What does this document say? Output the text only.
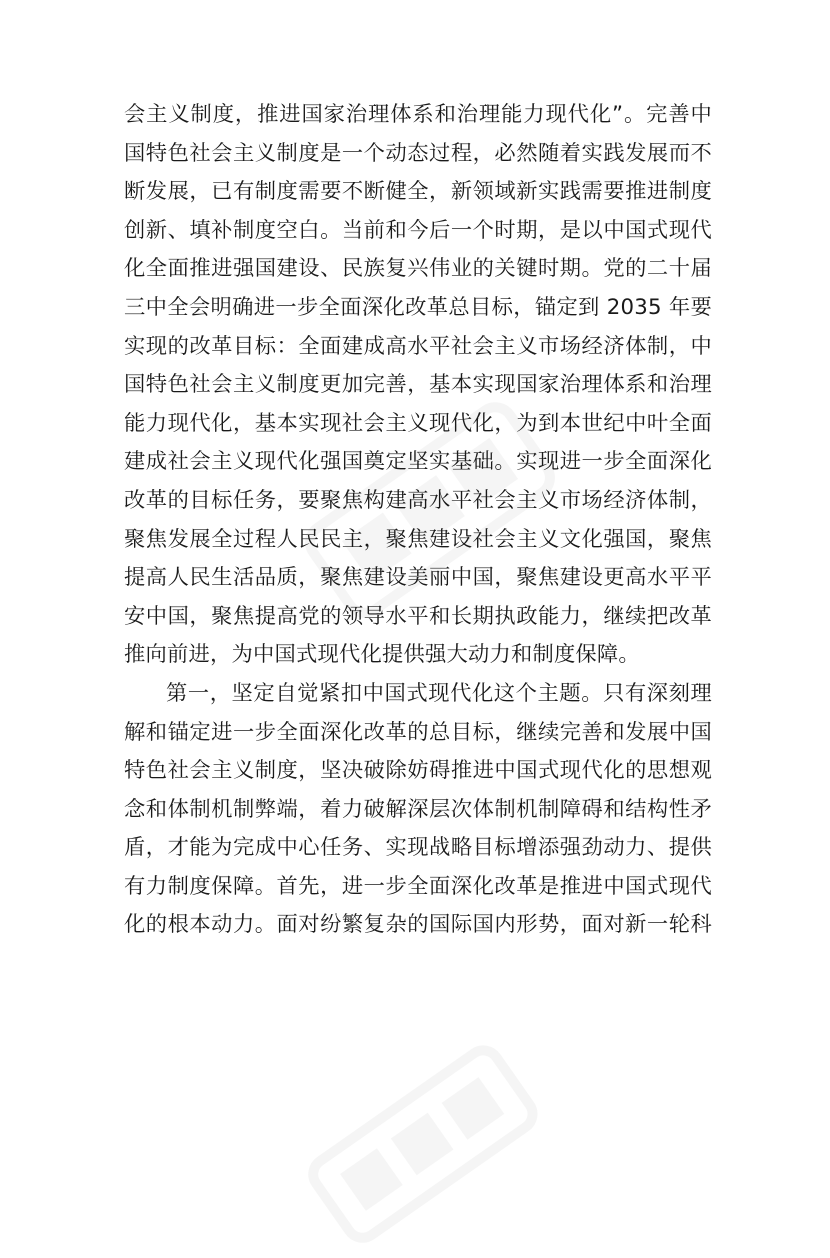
会主义制度，推进国家治理体系和治理能力现代化”。完善中
国特色社会主义制度是一个动态过程，必然随着实践发展而不
断发展，已有制度需要不断健全，新领域新实践需要推进制度
创新、填补制度空白。当前和今后一个时期，是以中国式现代
化全面推进强国建设、民族复兴伟业的关键时期。党的二十届
三中全会明确进一步全面深化改革总目标，锚定到 2035 年要
实现的改革目标：全面建成高水平社会主义市场经济体制，中
国特色社会主义制度更加完善，基本实现国家治理体系和治理
能力现代化，基本实现社会主义现代化，为到本世纪中叶全面
建成社会主义现代化强国奠定坚实基础。实现进一步全面深化
改革的目标任务，要聚焦构建高水平社会主义市场经济体制，
聚焦发展全过程人民民主，聚焦建设社会主义文化强国，聚焦
提高人民生活品质，聚焦建设美丽中国，聚焦建设更高水平平
安中国，聚焦提高党的领导水平和长期执政能力，继续把改革
推向前进，为中国式现代化提供强大动力和制度保障。

第一，坚定自觉紧扣中国式现代化这个主题。只有深刻理
解和锚定进一步全面深化改革的总目标，继续完善和发展中国
特色社会主义制度，坚决破除妨碍推进中国式现代化的思想观
念和体制机制弊端，着力破解深层次体制机制障碍和结构性矛
盾，才能为完成中心任务、实现战略目标增添强劲动力、提供
有力制度保障。首先，进一步全面深化改革是推进中国式现代
化的根本动力。面对纷繁复杂的国际国内形势，面对新一轮科
